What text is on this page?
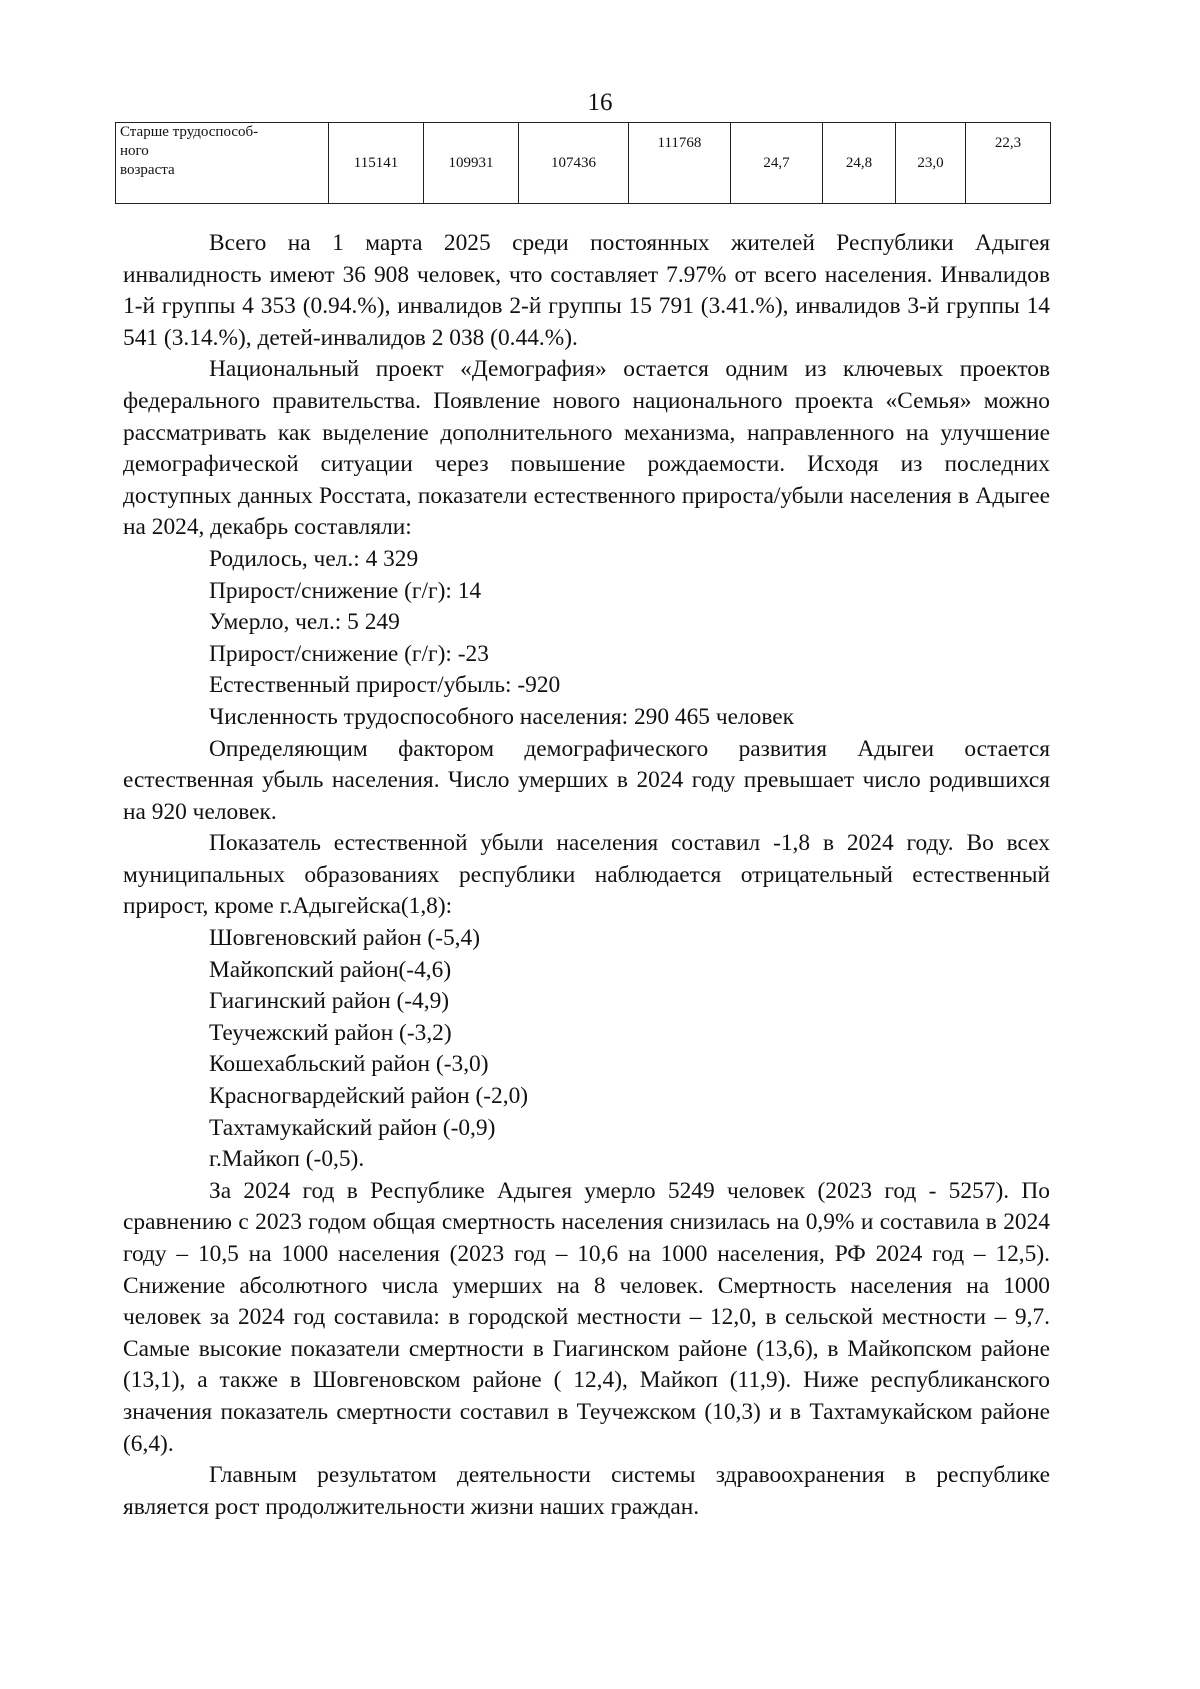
16
Старше трудоспособ-
ного
возраста	115141	109931	107436	111768	24,7	24,8	23,0	22,3

Всего на 1 марта 2025 среди постоянных жителей Республики Адыгея инвалидность имеют 36 908 человек, что составляет 7.97% от всего населения. Инвалидов 1-й группы 4 353 (0.94.%), инвалидов 2-й группы 15 791 (3.41.%), инвалидов 3-й группы 14 541 (3.14.%), детей-инвалидов 2 038 (0.44.%).

Национальный проект «Демография» остается одним из ключевых проектов федерального правительства. Появление нового национального проекта «Семья» можно рассматривать как выделение дополнительного механизма, направленного на улучшение демографической ситуации через повышение рождаемости. Исходя из последних доступных данных Росстата, показатели естественного прироста/убыли населения в Адыгее на 2024, декабрь составляли:

Родилось, чел.: 4 329

Прирост/снижение (г/г): 14

Умерло, чел.: 5 249

Прирост/снижение (г/г): -23

Естественный прирост/убыль: -920

Численность трудоспособного населения: 290 465 человек

Определяющим фактором демографического развития Адыгеи остается естественная убыль населения. Число умерших в 2024 году превышает число родившихся на 920 человек.

Показатель естественной убыли населения составил -1,8 в 2024 году. Во всех муниципальных образованиях республики наблюдается отрицательный естественный прирост, кроме г.Адыгейска(1,8):

Шовгеновский район (-5,4)

Майкопский район(-4,6)

Гиагинский район (-4,9)

Теучежский район (-3,2)

Кошехабльский район (-3,0)

Красногвардейский район (-2,0)

Тахтамукайский район (-0,9)

г.Майкоп (-0,5).

За 2024 год в Республике Адыгея умерло 5249 человек (2023 год - 5257). По сравнению с 2023 годом общая смертность населения снизилась на 0,9% и составила в 2024 году – 10,5 на 1000 населения (2023 год – 10,6 на 1000 населения, РФ 2024 год – 12,5). Снижение абсолютного числа умерших на 8 человек. Смертность населения на 1000 человек за 2024 год составила: в городской местности – 12,0, в сельской местности – 9,7. Самые высокие показатели смертности в Гиагинском районе (13,6), в Майкопском районе (13,1), а также в Шовгеновском районе ( 12,4), Майкоп (11,9). Ниже республиканского значения показатель смертности составил в Теучежском (10,3) и в Тахтамукайском районе (6,4).

Главным результатом деятельности системы здравоохранения в республике является рост продолжительности жизни наших граждан.
